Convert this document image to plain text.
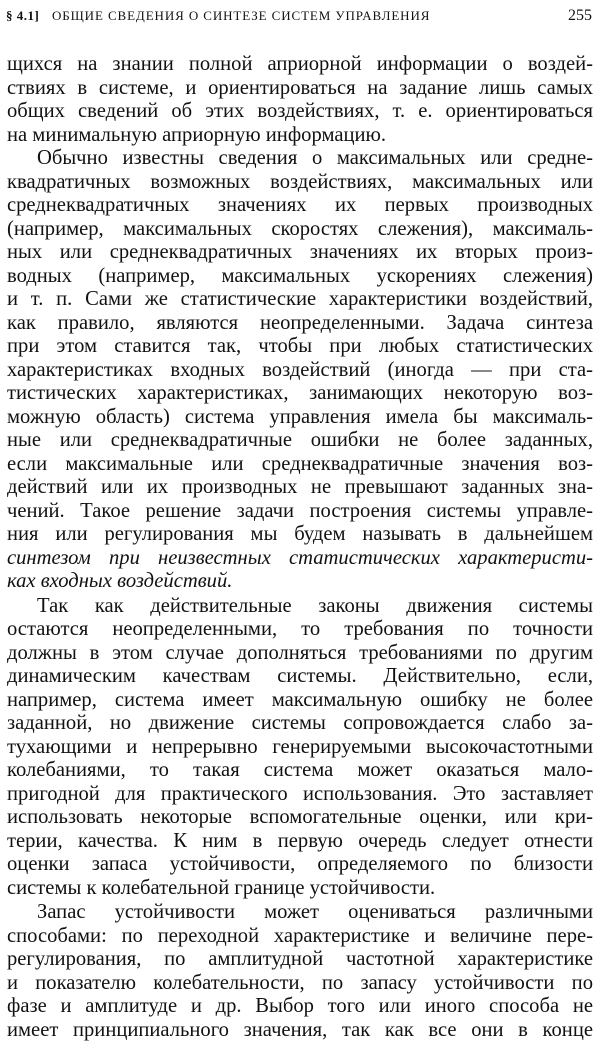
§ 4.1] ОБЩИЕ СВЕДЕНИЯ О СИНТЕЗЕ СИСТЕМ УПРАВЛЕНИЯ	255
щихся на знании полной априорной информации о воздей-
ствиях в системе, и ориентироваться на задание лишь самых
общих сведений об этих воздействиях, т. е. ориентироваться
на минимальную априорную информацию.
Обычно известны сведения о максимальных или средне-
квадратичных возможных воздействиях, максимальных или
среднеквадратичных значениях их первых производных
(например, максимальных скоростях слежения), максималь-
ных или среднеквадратичных значениях их вторых произ-
водных (например, максимальных ускорениях слежения)
и т. п. Сами же статистические характеристики воздействий,
как правило, являются неопределенными. Задача синтеза
при этом ставится так, чтобы при любых статистических
характеристиках входных воздействий (иногда — при ста-
тистических характеристиках, занимающих некоторую воз-
можную область) система управления имела бы максималь-
ные или среднеквадратичные ошибки не более заданных,
если максимальные или среднеквадратичные значения воз-
действий или их производных не превышают заданных зна-
чений. Такое решение задачи построения системы управле-
ния или регулирования мы будем называть в дальнейшем
синтезом при неизвестных статистических характеристи-
ках входных воздействий.
Так как действительные законы движения системы
остаются неопределенными, то требования по точности
должны в этом случае дополняться требованиями по другим
динамическим качествам системы. Действительно, если,
например, система имеет максимальную ошибку не более
заданной, но движение системы сопровождается слабо за-
тухающими и непрерывно генерируемыми высокочастотными
колебаниями, то такая система может оказаться мало-
пригодной для практического использования. Это заставляет
использовать некоторые вспомогательные оценки, или кри-
терии, качества. К ним в первую очередь следует отнести
оценки запаса устойчивости, определяемого по близости
системы к колебательной границе устойчивости.
Запас устойчивости может оцениваться различными
способами: по переходной характеристике и величине пере-
регулирования, по амплитудной частотной характеристике
и показателю колебательности, по запасу устойчивости по
фазе и амплитуде и др. Выбор того или иного способа не
имеет принципиального значения, так как все они в конце
